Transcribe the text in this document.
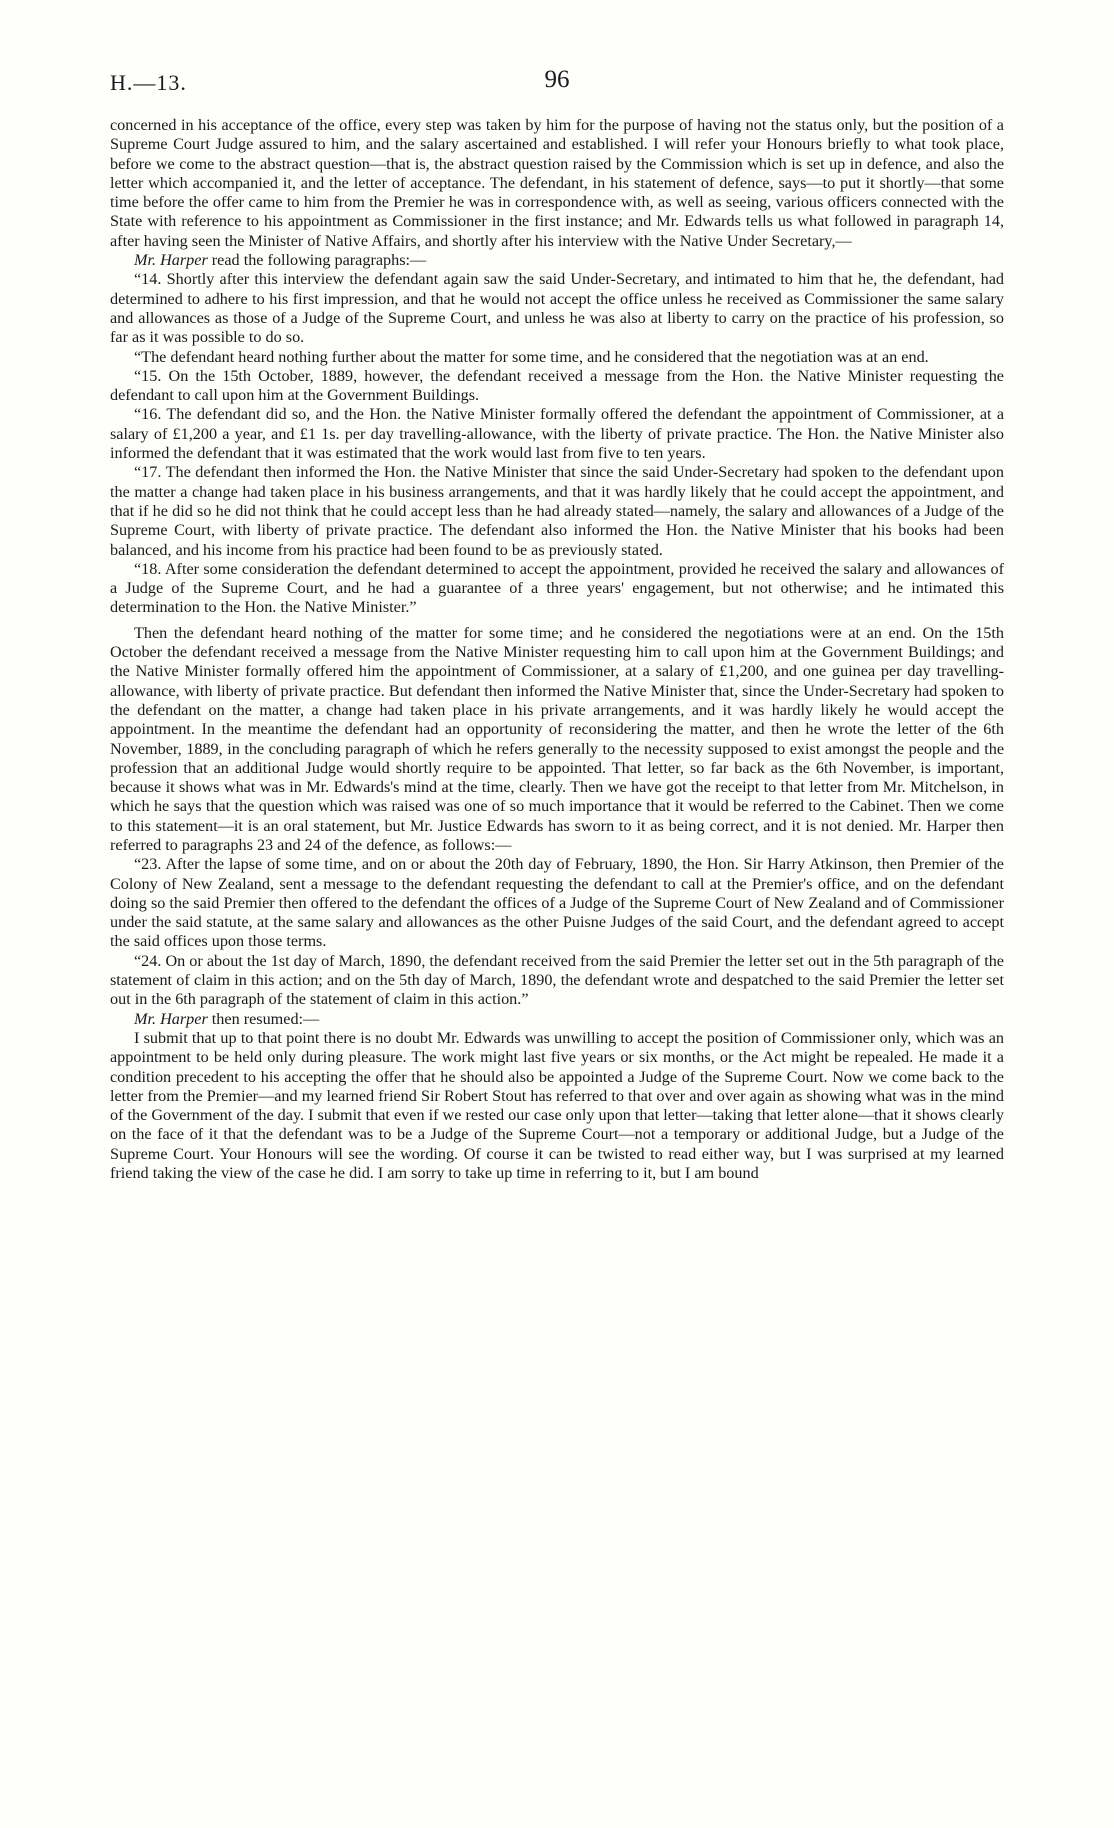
H.—13.	96

concerned in his acceptance of the office, every step was taken by him for the purpose of having not the status only, but the position of a Supreme Court Judge assured to him, and the salary ascertained and established. I will refer your Honours briefly to what took place, before we come to the abstract question—that is, the abstract question raised by the Commission which is set up in defence, and also the letter which accompanied it, and the letter of acceptance. The defendant, in his statement of defence, says—to put it shortly—that some time before the offer came to him from the Premier he was in correspondence with, as well as seeing, various officers connected with the State with reference to his appointment as Commissioner in the first instance; and Mr. Edwards tells us what followed in paragraph 14, after having seen the Minister of Native Affairs, and shortly after his interview with the Native Under Secretary,—

Mr. Harper read the following paragraphs:—

“14. Shortly after this interview the defendant again saw the said Under-Secretary, and intimated to him that he, the defendant, had determined to adhere to his first impression, and that he would not accept the office unless he received as Commissioner the same salary and allowances as those of a Judge of the Supreme Court, and unless he was also at liberty to carry on the practice of his profession, so far as it was possible to do so.

“The defendant heard nothing further about the matter for some time, and he considered that the negotiation was at an end.

“15. On the 15th October, 1889, however, the defendant received a message from the Hon. the Native Minister requesting the defendant to call upon him at the Government Buildings.

“16. The defendant did so, and the Hon. the Native Minister formally offered the defendant the appointment of Commissioner, at a salary of £1,200 a year, and £1 1s. per day travelling-allowance, with the liberty of private practice. The Hon. the Native Minister also informed the defendant that it was estimated that the work would last from five to ten years.

“17. The defendant then informed the Hon. the Native Minister that since the said Under-Secretary had spoken to the defendant upon the matter a change had taken place in his business arrangements, and that it was hardly likely that he could accept the appointment, and that if he did so he did not think that he could accept less than he had already stated—namely, the salary and allowances of a Judge of the Supreme Court, with liberty of private practice. The defendant also informed the Hon. the Native Minister that his books had been balanced, and his income from his practice had been found to be as previously stated.

“18. After some consideration the defendant determined to accept the appointment, provided he received the salary and allowances of a Judge of the Supreme Court, and he had a guarantee of a three years' engagement, but not otherwise; and he intimated this determination to the Hon. the Native Minister.”

Then the defendant heard nothing of the matter for some time; and he considered the negotiations were at an end. On the 15th October the defendant received a message from the Native Minister requesting him to call upon him at the Government Buildings; and the Native Minister formally offered him the appointment of Commissioner, at a salary of £1,200, and one guinea per day travelling-allowance, with liberty of private practice. But defendant then informed the Native Minister that, since the Under-Secretary had spoken to the defendant on the matter, a change had taken place in his private arrangements, and it was hardly likely he would accept the appointment. In the meantime the defendant had an opportunity of reconsidering the matter, and then he wrote the letter of the 6th November, 1889, in the concluding paragraph of which he refers generally to the necessity supposed to exist amongst the people and the profession that an additional Judge would shortly require to be appointed. That letter, so far back as the 6th November, is important, because it shows what was in Mr. Edwards's mind at the time, clearly. Then we have got the receipt to that letter from Mr. Mitchelson, in which he says that the question which was raised was one of so much importance that it would be referred to the Cabinet. Then we come to this statement—it is an oral statement, but Mr. Justice Edwards has sworn to it as being correct, and it is not denied. Mr. Harper then referred to paragraphs 23 and 24 of the defence, as follows:—

“23. After the lapse of some time, and on or about the 20th day of February, 1890, the Hon. Sir Harry Atkinson, then Premier of the Colony of New Zealand, sent a message to the defendant requesting the defendant to call at the Premier's office, and on the defendant doing so the said Premier then offered to the defendant the offices of a Judge of the Supreme Court of New Zealand and of Commissioner under the said statute, at the same salary and allowances as the other Puisne Judges of the said Court, and the defendant agreed to accept the said offices upon those terms.

“24. On or about the 1st day of March, 1890, the defendant received from the said Premier the letter set out in the 5th paragraph of the statement of claim in this action; and on the 5th day of March, 1890, the defendant wrote and despatched to the said Premier the letter set out in the 6th paragraph of the statement of claim in this action.”

Mr. Harper then resumed:—

I submit that up to that point there is no doubt Mr. Edwards was unwilling to accept the position of Commissioner only, which was an appointment to be held only during pleasure. The work might last five years or six months, or the Act might be repealed. He made it a condition precedent to his accepting the offer that he should also be appointed a Judge of the Supreme Court. Now we come back to the letter from the Premier—and my learned friend Sir Robert Stout has referred to that over and over again as showing what was in the mind of the Government of the day. I submit that even if we rested our case only upon that letter—taking that letter alone—that it shows clearly on the face of it that the defendant was to be a Judge of the Supreme Court—not a temporary or additional Judge, but a Judge of the Supreme Court. Your Honours will see the wording. Of course it can be twisted to read either way, but I was surprised at my learned friend taking the view of the case he did. I am sorry to take up time in referring to it, but I am bound
